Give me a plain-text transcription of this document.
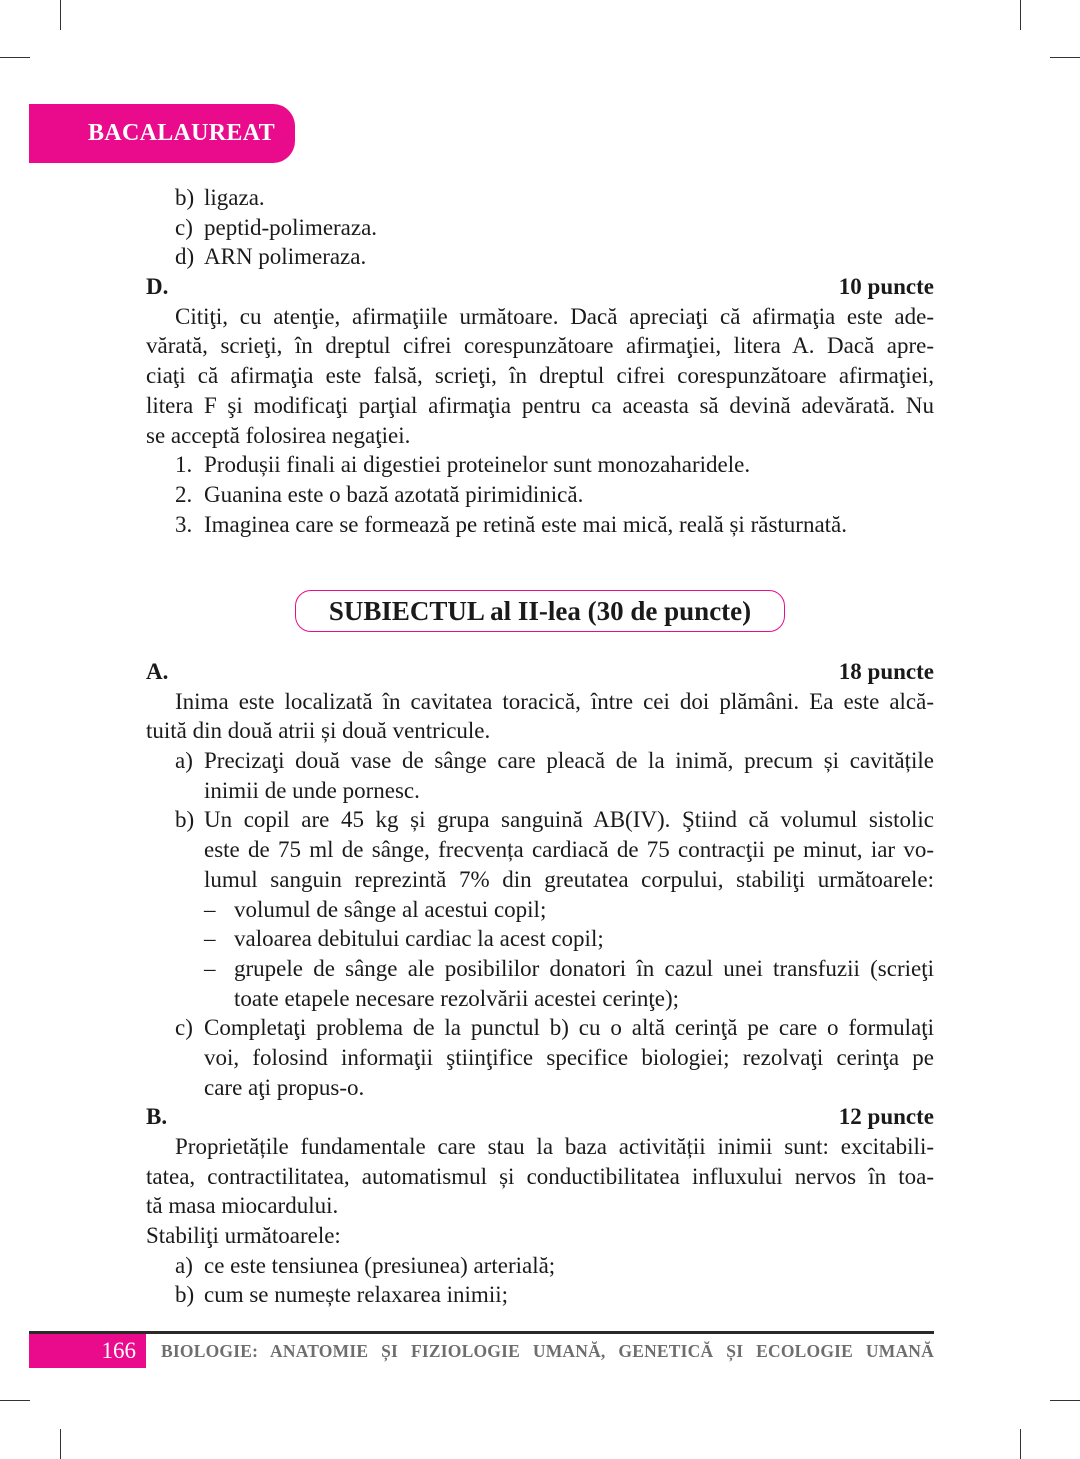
BACALAUREAT
b) ligaza.
c) peptid-polimeraza.
d) ARN polimeraza.
D.	10 puncte
Citiţi, cu atenţie, afirmaţiile următoare. Dacă apreciaţi că afirmaţia este ade-
vărată, scrieţi, în dreptul cifrei corespunzătoare afirmaţiei, litera A. Dacă apre-
ciaţi că afirmaţia este falsă, scrieţi, în dreptul cifrei corespunzătoare afirmaţiei,
litera F şi modificaţi parţial afirmaţia pentru ca aceasta să devină adevărată. Nu
se acceptă folosirea negaţiei.
1. Produșii finali ai digestiei proteinelor sunt monozaharidele.
2. Guanina este o bază azotată pirimidinică.
3. Imaginea care se formează pe retină este mai mică, reală și răsturnată.
SUBIECTUL al II-lea (30 de puncte)
A.	18 puncte
Inima este localizată în cavitatea toracică, între cei doi plămâni. Ea este alcă-
tuită din două atrii și două ventricule.
a) Precizaţi două vase de sânge care pleacă de la inimă, precum și cavitățile
inimii de unde pornesc.
b) Un copil are 45 kg și grupa sanguină AB(IV). Ştiind că volumul sistolic
este de 75 ml de sânge, frecvența cardiacă de 75 contracţii pe minut, iar vo-
lumul sanguin reprezintă 7% din greutatea corpului, stabiliţi următoarele:
– volumul de sânge al acestui copil;
– valoarea debitului cardiac la acest copil;
– grupele de sânge ale posibililor donatori în cazul unei transfuzii (scrieţi
toate etapele necesare rezolvării acestei cerinţe);
c) Completaţi problema de la punctul b) cu o altă cerinţă pe care o formulaţi
voi, folosind informaţii ştiinţifice specifice biologiei; rezolvaţi cerinţa pe
care aţi propus-o.
B.	12 puncte
Proprietățile fundamentale care stau la baza activității inimii sunt: excitabili-
tatea, contractilitatea, automatismul și conductibilitatea influxului nervos în toa-
tă masa miocardului.
Stabiliţi următoarele:
a) ce este tensiunea (presiunea) arterială;
b) cum se numește relaxarea inimii;
166	BIOLOGIE: ANATOMIE ȘI FIZIOLOGIE UMANĂ, GENETICĂ ȘI ECOLOGIE UMANĂ
